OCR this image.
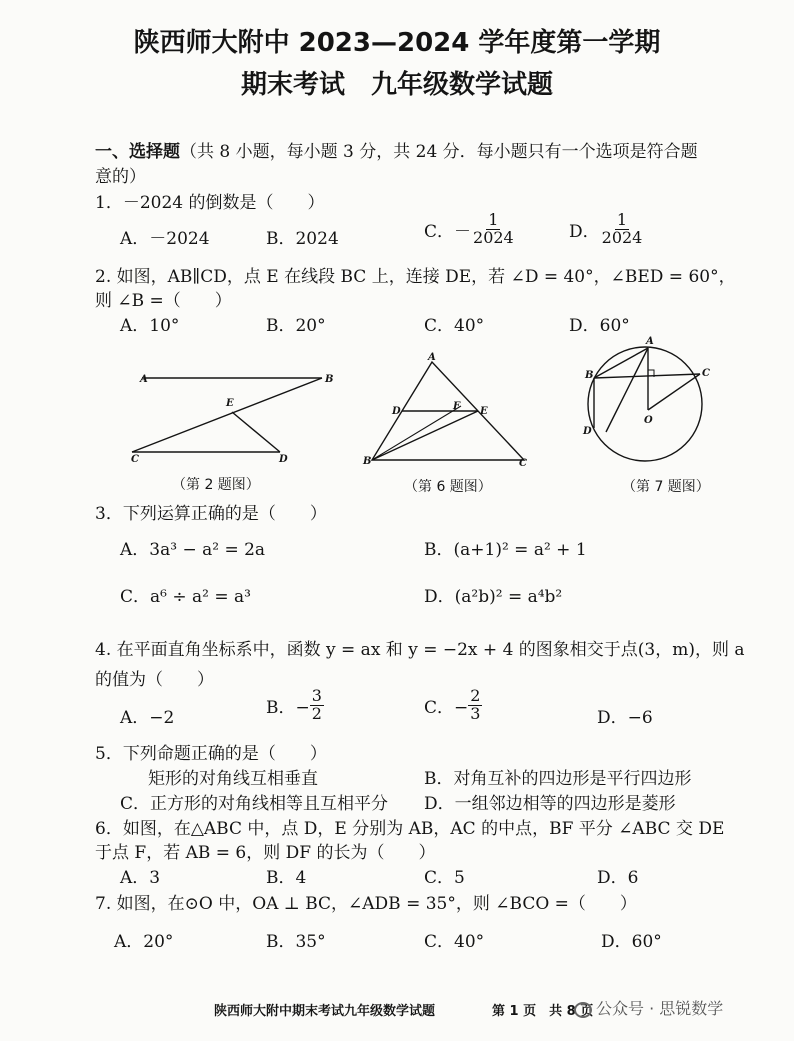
陕西师大附中 2023—2024 学年度第一学期
期末考试　九年级数学试题
一、选择题（共 8 小题，每小题 3 分，共 24 分．每小题只有一个选项是符合题
意的）
1．－2024 的倒数是（　　）
A．－2024	B．2024	C．－ $\frac{1}{2024}$	D． $\frac{1}{2024}$
2. 如图，AB∥CD，点 E 在线段 BC 上，连接 DE，若 ∠D = 40°，∠BED = 60°，
则 ∠B =（　　）
A．10°	B．20°	C．40°	D．60°
A	B
E
C	D
（第 2 题图）
A
D	F E
B	C
（第 6 题图）
A
B	C
O
D
（第 7 题图）
3．下列运算正确的是（　　）
A．3a³ − a² = 2a	B．(a+1)² = a² + 1
C．a⁶ ÷ a² = a³	D．(a²b)² = a⁴b²
4. 在平面直角坐标系中，函数 y = ax 和 y = −2x + 4 的图象相交于点(3，m)，则 a
的值为（　　）
A．−2
B．− $\frac{3}{2}$	C．− $\frac{2}{3}$	D．−6
5．下列命题正确的是（　　）
矩形的对角线互相垂直	B．对角互补的四边形是平行四边形
C．正方形的对角线相等且互相平分 D．一组邻边相等的四边形是菱形
6．如图，在△ABC 中，点 D，E 分别为 AB，AC 的中点，BF 平分 ∠ABC 交 DE
于点 F，若 AB = 6，则 DF 的长为（　　）
A．3	B．4	C．5	D．6
7. 如图，在⊙O 中，OA ⊥ BC，∠ADB = 35°，则 ∠BCO =（　　）
A．20°	B．35°	C．40°	D．60°
陕西师大附中期末考试九年级数学试题	第 1 页　共 8 页 公众号 · 思锐数学
